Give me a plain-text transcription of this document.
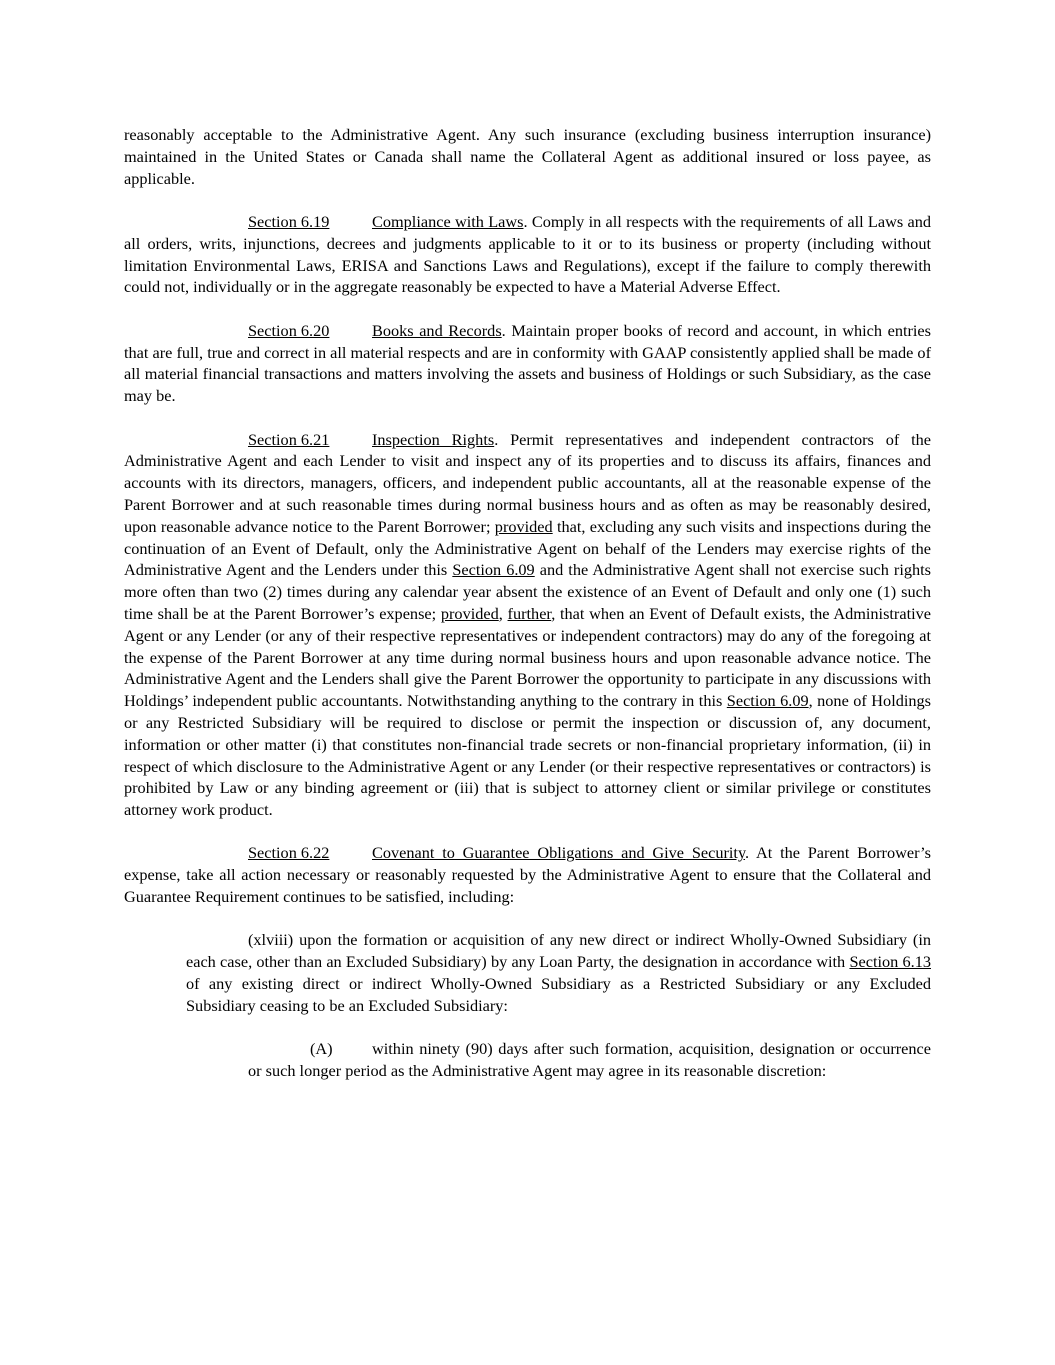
reasonably acceptable to the Administrative Agent. Any such insurance (excluding business interruption insurance) maintained in the United States or Canada shall name the Collateral Agent as additional insured or loss payee, as applicable.

Section 6.19	Compliance with Laws. Comply in all respects with the requirements of all Laws and all orders, writs, injunctions, decrees and judgments applicable to it or to its business or property (including without limitation Environmental Laws, ERISA and Sanctions Laws and Regulations), except if the failure to comply therewith could not, individually or in the aggregate reasonably be expected to have a Material Adverse Effect.

Section 6.20	Books and Records. Maintain proper books of record and account, in which entries that are full, true and correct in all material respects and are in conformity with GAAP consistently applied shall be made of all material financial transactions and matters involving the assets and business of Holdings or such Subsidiary, as the case may be.

Section 6.21	Inspection Rights. Permit representatives and independent contractors of the Administrative Agent and each Lender to visit and inspect any of its properties and to discuss its affairs, finances and accounts with its directors, managers, officers, and independent public accountants, all at the reasonable expense of the Parent Borrower and at such reasonable times during normal business hours and as often as may be reasonably desired, upon reasonable advance notice to the Parent Borrower; provided that, excluding any such visits and inspections during the continuation of an Event of Default, only the Administrative Agent on behalf of the Lenders may exercise rights of the Administrative Agent and the Lenders under this Section 6.09 and the Administrative Agent shall not exercise such rights more often than two (2) times during any calendar year absent the existence of an Event of Default and only one (1) such time shall be at the Parent Borrower’s expense; provided, further, that when an Event of Default exists, the Administrative Agent or any Lender (or any of their respective representatives or independent contractors) may do any of the foregoing at the expense of the Parent Borrower at any time during normal business hours and upon reasonable advance notice. The Administrative Agent and the Lenders shall give the Parent Borrower the opportunity to participate in any discussions with Holdings’ independent public accountants. Notwithstanding anything to the contrary in this Section 6.09, none of Holdings or any Restricted Subsidiary will be required to disclose or permit the inspection or discussion of, any document, information or other matter (i) that constitutes non-financial trade secrets or non-financial proprietary information, (ii) in respect of which disclosure to the Administrative Agent or any Lender (or their respective representatives or contractors) is prohibited by Law or any binding agreement or (iii) that is subject to attorney client or similar privilege or constitutes attorney work product.

Section 6.22	Covenant to Guarantee Obligations and Give Security. At the Parent Borrower’s expense, take all action necessary or reasonably requested by the Administrative Agent to ensure that the Collateral and Guarantee Requirement continues to be satisfied, including:

(xlviii) upon the formation or acquisition of any new direct or indirect Wholly-Owned Subsidiary (in each case, other than an Excluded Subsidiary) by any Loan Party, the designation in accordance with Section 6.13 of any existing direct or indirect Wholly-Owned Subsidiary as a Restricted Subsidiary or any Excluded Subsidiary ceasing to be an Excluded Subsidiary:

(A) within ninety (90) days after such formation, acquisition, designation or occurrence or such longer period as the Administrative Agent may agree in its reasonable discretion:
